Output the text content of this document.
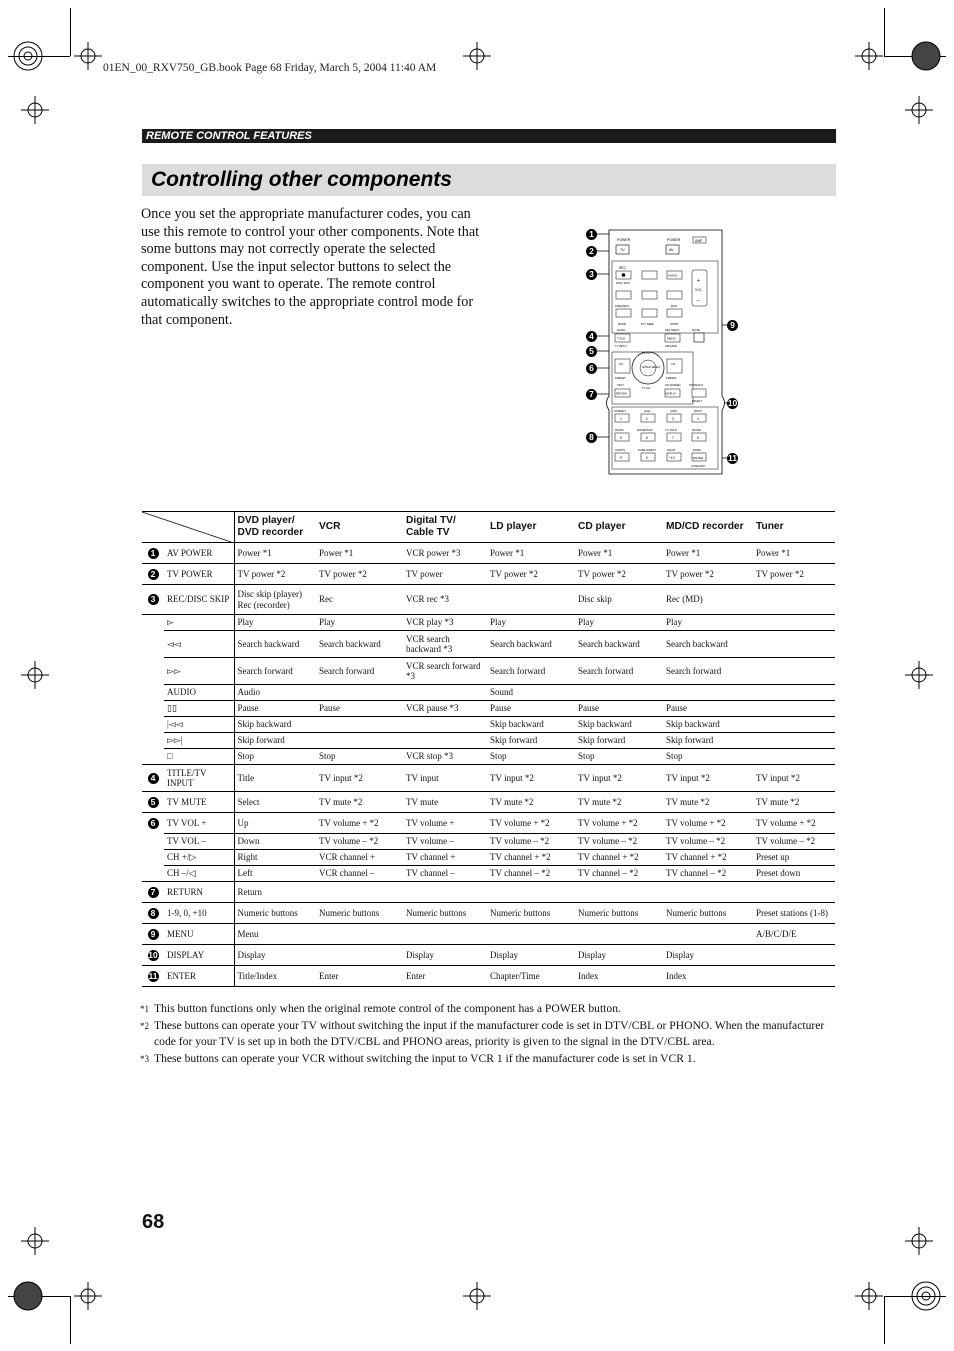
01EN_00_RXV750_GB.book Page 68 Friday, March 5, 2004 11:40 AM
REMOTE CONTROL FEATURES
Controlling other components
Once you set the appropriate manufacturer codes, you can use this remote to control your other components. Note that some buttons may not correctly operate the selected component. Use the input selector buttons to select the component you want to operate. The remote control automatically switches to the appropriate control mode for that component.
1
2
3
4
5
6
7
8
9
10
11
POWER	POWER	AMP
TV	AV
REC
DISC SKIP
AUDIO
+
VOL
–
FREQ/RDS	EDIT
MODE	PTY SEEK	START
LEVEL	SET MENU
TITLE	MENU
MUTE
TV INPUT	A/B/C/D/E
CH	CH
ENTER SELECT
TV VOL
TV VOL
PRESET	PRESET
TEXT
RETURN
ON SCREEN
DISPLAY
STRAIGHT
EFFECT
STEREO	HALL	JAZZ	ROCK
1	2	3	4
MUSIC	ENTERTAIN	TV THTR	MOVIE
5	6	7	8
CD/DTS	PURE DIRECT	NIGHT	EX/ES
9	0	+10	ENTER
CATEGORY
	DVD player/ DVD recorder	VCR	Digital TV/ Cable TV	LD player	CD player	MD/CD recorder	Tuner
1	AV POWER	Power *1	Power *1	VCR power *3	Power *1	Power *1	Power *1	Power *1
2	TV POWER	TV power *2	TV power *2	TV power	TV power *2	TV power *2	TV power *2	TV power *2
3	REC/DISC SKIP	Disc skip (player) Rec (recorder)	Rec	VCR rec *3		Disc skip	Rec (MD)	
	▻	Play	Play	VCR play *3	Play	Play	Play	
	◅◅	Search backward	Search backward	VCR search backward *3	Search backward	Search backward	Search backward	
	▻▻	Search forward	Search forward	VCR search forward *3	Search forward	Search forward	Search forward	
	AUDIO	Audio			Sound			
	▯▯	Pause	Pause	VCR pause *3	Pause	Pause	Pause	
	|◅◅	Skip backward			Skip backward	Skip backward	Skip backward	
	▻▻|	Skip forward			Skip forward	Skip forward	Skip forward	
	□	Stop	Stop	VCR stop *3	Stop	Stop	Stop	
4	TITLE/TV INPUT	Title	TV input *2	TV input	TV input *2	TV input *2	TV input *2	TV input *2
5	TV MUTE	Select	TV mute *2	TV mute	TV mute *2	TV mute *2	TV mute *2	TV mute *2
6	TV VOL +	Up	TV volume + *2	TV volume +	TV volume + *2	TV volume + *2	TV volume + *2	TV volume + *2
	TV VOL –	Down	TV volume – *2	TV volume –	TV volume – *2	TV volume – *2	TV volume – *2	TV volume – *2
	CH +/▷	Right	VCR channel +	TV channel +	TV channel + *2	TV channel + *2	TV channel + *2	Preset up
	CH –/◁	Left	VCR channel –	TV channel –	TV channel – *2	TV channel – *2	TV channel – *2	Preset down
7	RETURN	Return						
8	1-9, 0, +10	Numeric buttons	Numeric buttons	Numeric buttons	Numeric buttons	Numeric buttons	Numeric buttons	Preset stations (1-8)
9	MENU	Menu						A/B/C/D/E
10	DISPLAY	Display		Display	Display	Display	Display	
11	ENTER	Title/Index	Enter	Enter	Chapter/Time	Index	Index	
*1 This button functions only when the original remote control of the component has a POWER button.
*2 These buttons can operate your TV without switching the input if the manufacturer code is set in DTV/CBL or PHONO. When the manufacturer code for your TV is set up in both the DTV/CBL and PHONO areas, priority is given to the signal in the DTV/CBL area.
*3 These buttons can operate your VCR without switching the input to VCR 1 if the manufacturer code is set in VCR 1.
68
